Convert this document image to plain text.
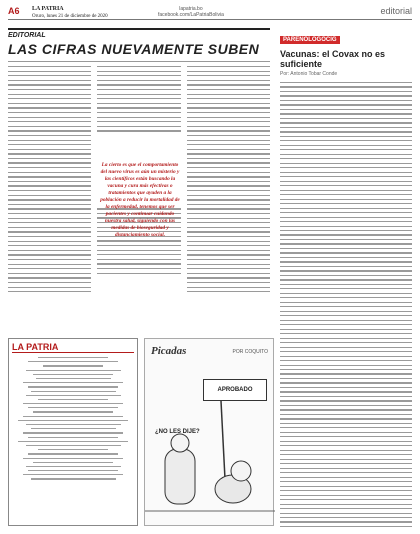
A6 LA PATRIA
Oruro, lunes 21 de diciembre de 2020
lapatria.bo
facebook.com/LaPatriaBolivia	editorial
EDITORIAL
LAS CIFRAS NUEVAMENTE SUBEN
La cierto es que el comportamiento del nuevo virus es aún un misterio y las científicos están buscando la vacuna y cura más efectivas o tratamientos que ayuden a la población a reducir la mortalidad de la enfermedad, tenemos que ser pacientes y continuar cuidando nuestra salud, siguiendo con las medidas de bioseguridad y distanciamiento social.
PARENOLOGOCIG
Vacunas: el Covax no es suficiente
Por: Antonio Tobar Conde
LA PATRIA	Picadas	POR COQUITO
APROBADO
¿NO LES DIJE?
